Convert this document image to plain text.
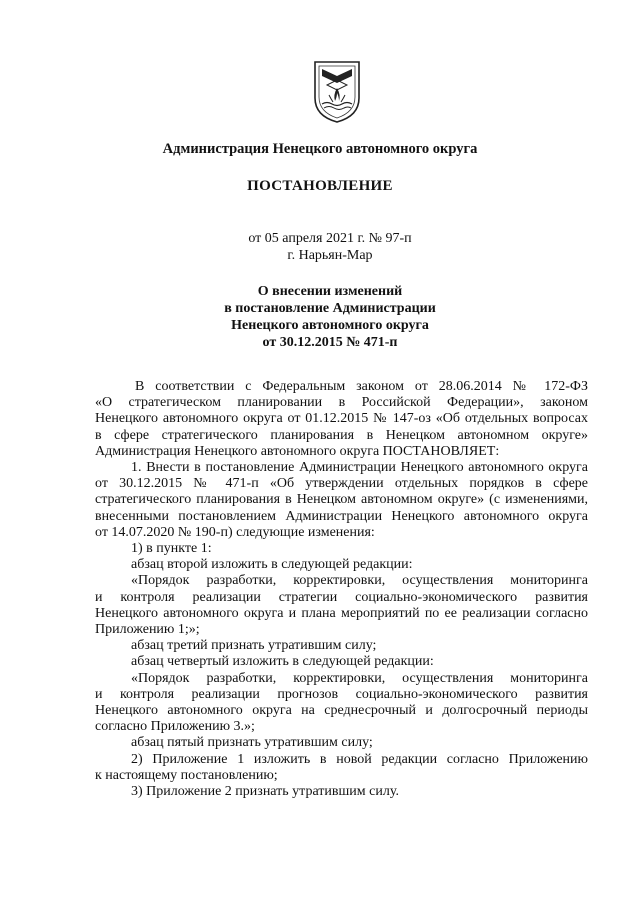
Администрация Ненецкого автономного округа
ПОСТАНОВЛЕНИЕ
от 05 апреля 2021 г. № 97-п
г. Нарьян-Мар
О внесении изменений
в постановление Администрации
Ненецкого автономного округа
от 30.12.2015 № 471-п

В соответствии с Федеральным законом от 28.06.2014 № 172-ФЗ

«О стратегическом планировании в Российской Федерации», законом

Ненецкого автономного округа от 01.12.2015 № 147-оз «Об отдельных вопросах

в сфере стратегического планирования в Ненецком автономном округе»

Администрация Ненецкого автономного округа ПОСТАНОВЛЯЕТ:

1. Внести в постановление Администрации Ненецкого автономного округа

от 30.12.2015 № 471-п «Об утверждении отдельных порядков в сфере

стратегического планирования в Ненецком автономном округе» (с изменениями,

внесенными постановлением Администрации Ненецкого автономного округа

от 14.07.2020 № 190-п) следующие изменения:

1) в пункте 1:

абзац второй изложить в следующей редакции:

«Порядок разработки, корректировки, осуществления мониторинга

и контроля реализации стратегии социально-экономического развития

Ненецкого автономного округа и плана мероприятий по ее реализации согласно

Приложению 1;»;

абзац третий признать утратившим силу;

абзац четвертый изложить в следующей редакции:

«Порядок разработки, корректировки, осуществления мониторинга

и контроля реализации прогнозов социально-экономического развития

Ненецкого автономного округа на среднесрочный и долгосрочный периоды

согласно Приложению 3.»;

абзац пятый признать утратившим силу;

2) Приложение 1 изложить в новой редакции согласно Приложению

к настоящему постановлению;

3) Приложение 2 признать утратившим силу.
